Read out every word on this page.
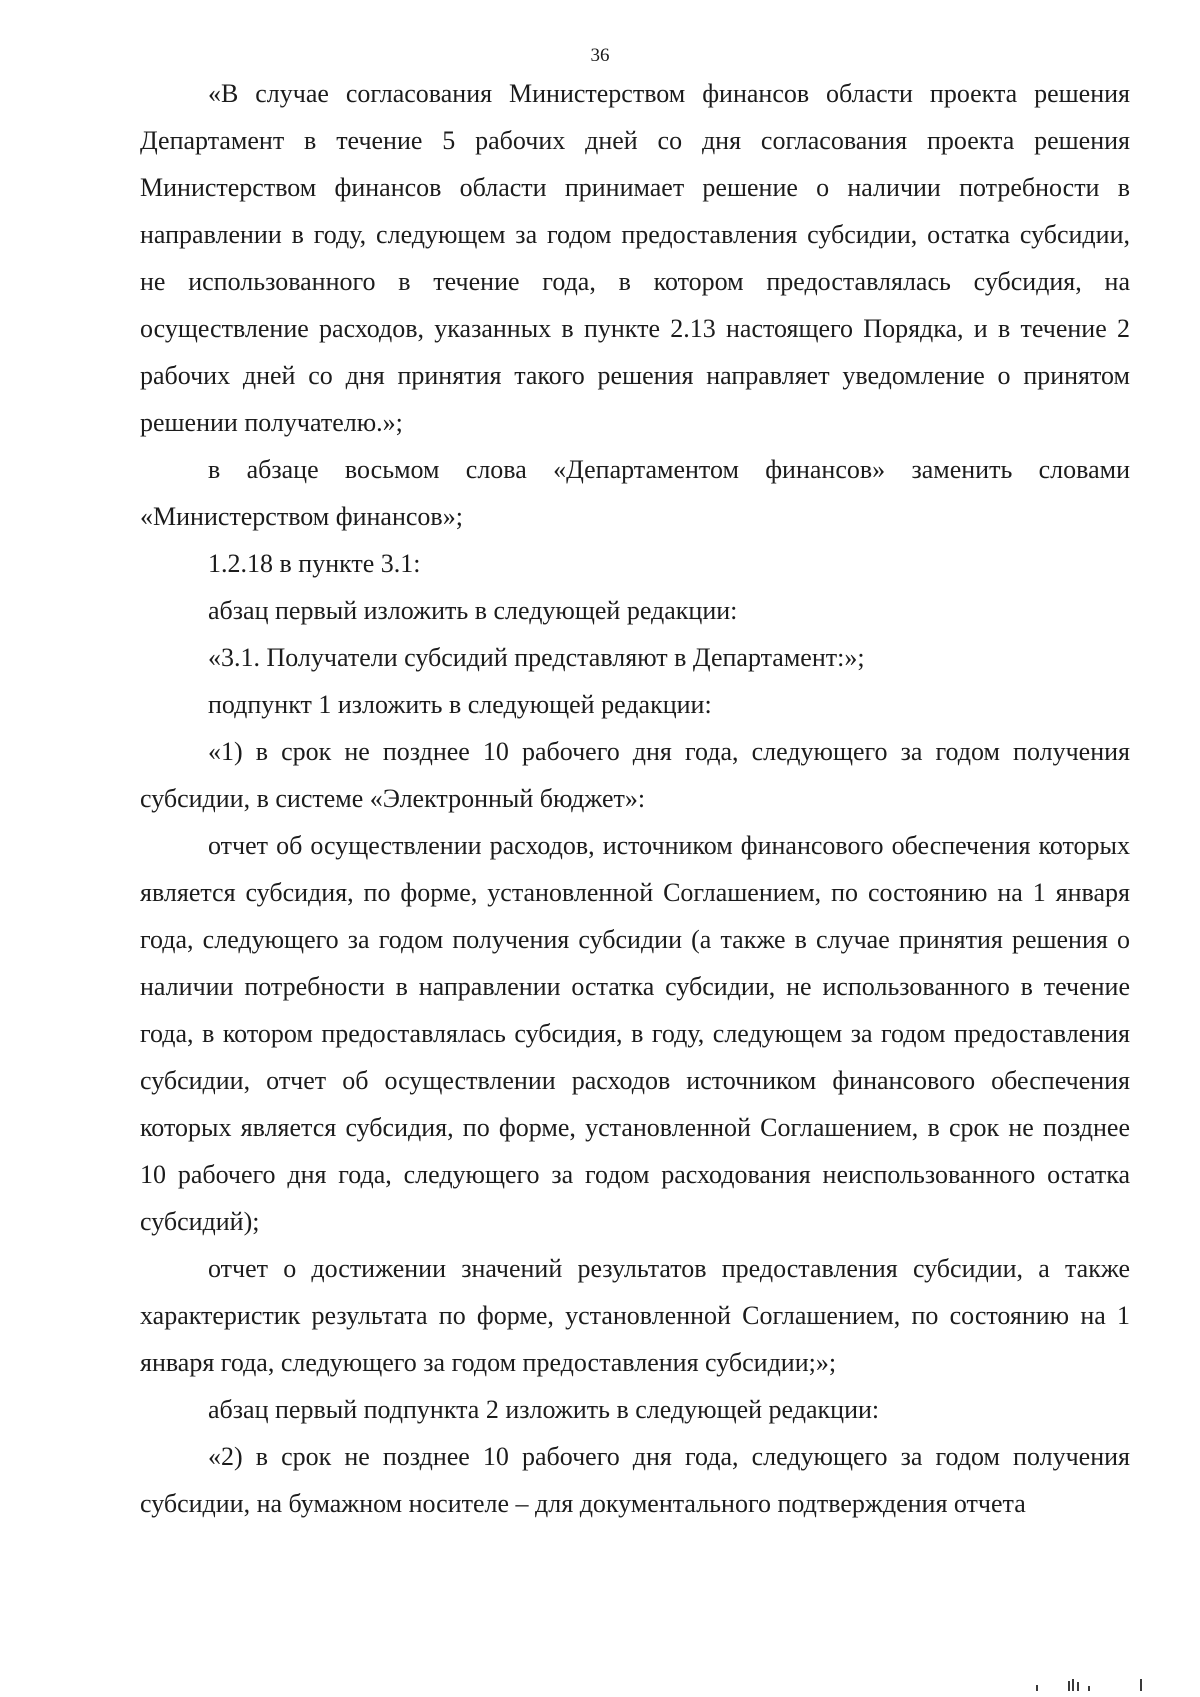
36

«В случае согласования Министерством финансов области проекта решения Департамент в течение 5 рабочих дней со дня согласования проекта решения Министерством финансов области принимает решение о наличии потребности в направлении в году, следующем за годом предоставления субсидии, остатка субсидии, не использованного в течение года, в котором предоставлялась субсидия, на осуществление расходов, указанных в пункте 2.13 настоящего Порядка, и в течение 2 рабочих дней со дня принятия такого решения направляет уведомление о принятом решении получателю.»;

в абзаце восьмом слова «Департаментом финансов» заменить словами «Министерством финансов»;

1.2.18 в пункте 3.1:

абзац первый изложить в следующей редакции:

«3.1. Получатели субсидий представляют в Департамент:»;

подпункт 1 изложить в следующей редакции:

«1) в срок не позднее 10 рабочего дня года, следующего за годом получения субсидии, в системе «Электронный бюджет»:

отчет об осуществлении расходов, источником финансового обеспечения которых является субсидия, по форме, установленной Соглашением, по состоянию на 1 января года, следующего за годом получения субсидии (а также в случае принятия решения о наличии потребности в направлении остатка субсидии, не использованного в течение года, в котором предоставлялась субсидия, в году, следующем за годом предоставления субсидии, отчет об осуществлении расходов источником финансового обеспечения которых является субсидия, по форме, установленной Соглашением, в срок не позднее 10 рабочего дня года, следующего за годом расходования неиспользованного остатка субсидий);

отчет о достижении значений результатов предоставления субсидии, а также характеристик результата по форме, установленной Соглашением, по состоянию на 1 января года, следующего за годом предоставления субсидии;»;

абзац первый подпункта 2 изложить в следующей редакции:

«2) в срок не позднее 10 рабочего дня года, следующего за годом получения субсидии, на бумажном носителе – для документального подтверждения отчета
